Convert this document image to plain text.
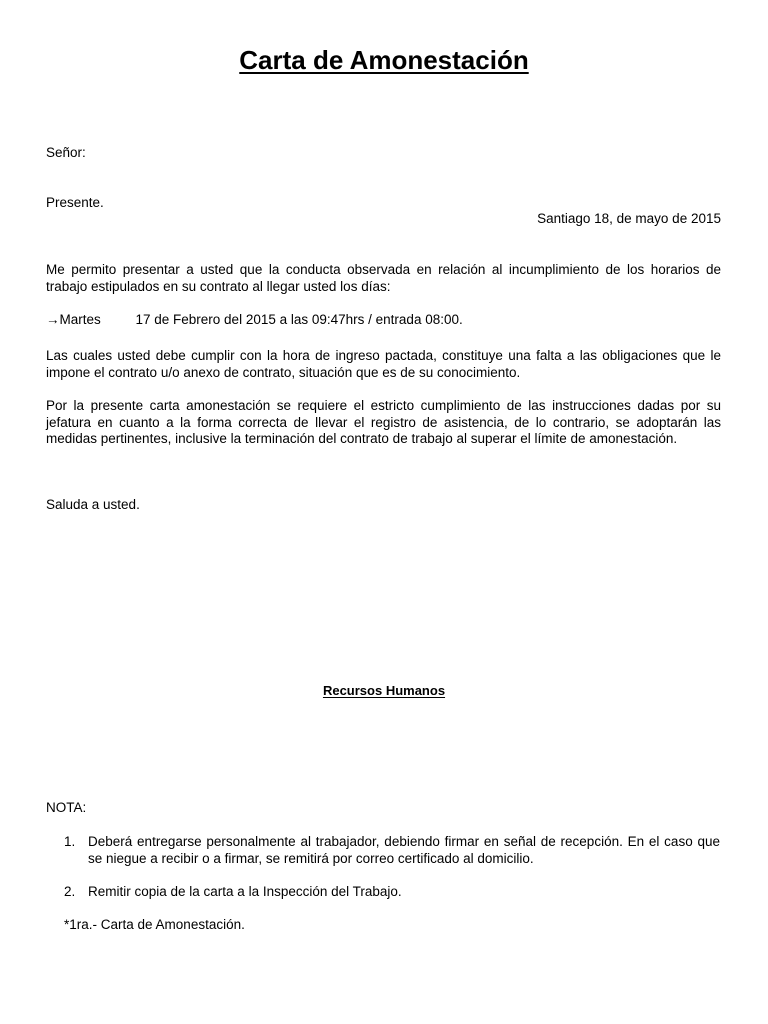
Carta de Amonestación
Señor:
Presente.
Santiago 18, de mayo de 2015
Me permito presentar a usted que la conducta observada en relación al incumplimiento de los horarios de trabajo estipulados en su contrato al llegar usted los días:
→Martes	17 de Febrero del 2015 a las 09:47hrs / entrada 08:00.
Las cuales usted debe cumplir con la hora de ingreso pactada, constituye una falta a las obligaciones que le impone el contrato u/o anexo de contrato, situación que es de su conocimiento.
Por la presente carta amonestación se requiere el estricto cumplimiento de las instrucciones dadas por su jefatura en cuanto a la forma correcta de llevar el registro de asistencia, de lo contrario, se adoptarán las medidas pertinentes, inclusive la terminación del contrato de trabajo al superar el límite de amonestación.
Saluda a usted.
Recursos Humanos
NOTA:
1. Deberá entregarse personalmente al trabajador, debiendo firmar en señal de recepción. En el caso que se niegue a recibir o a firmar, se remitirá por correo certificado al domicilio.
2. Remitir copia de la carta a la Inspección del Trabajo.
*1ra.- Carta de Amonestación.
